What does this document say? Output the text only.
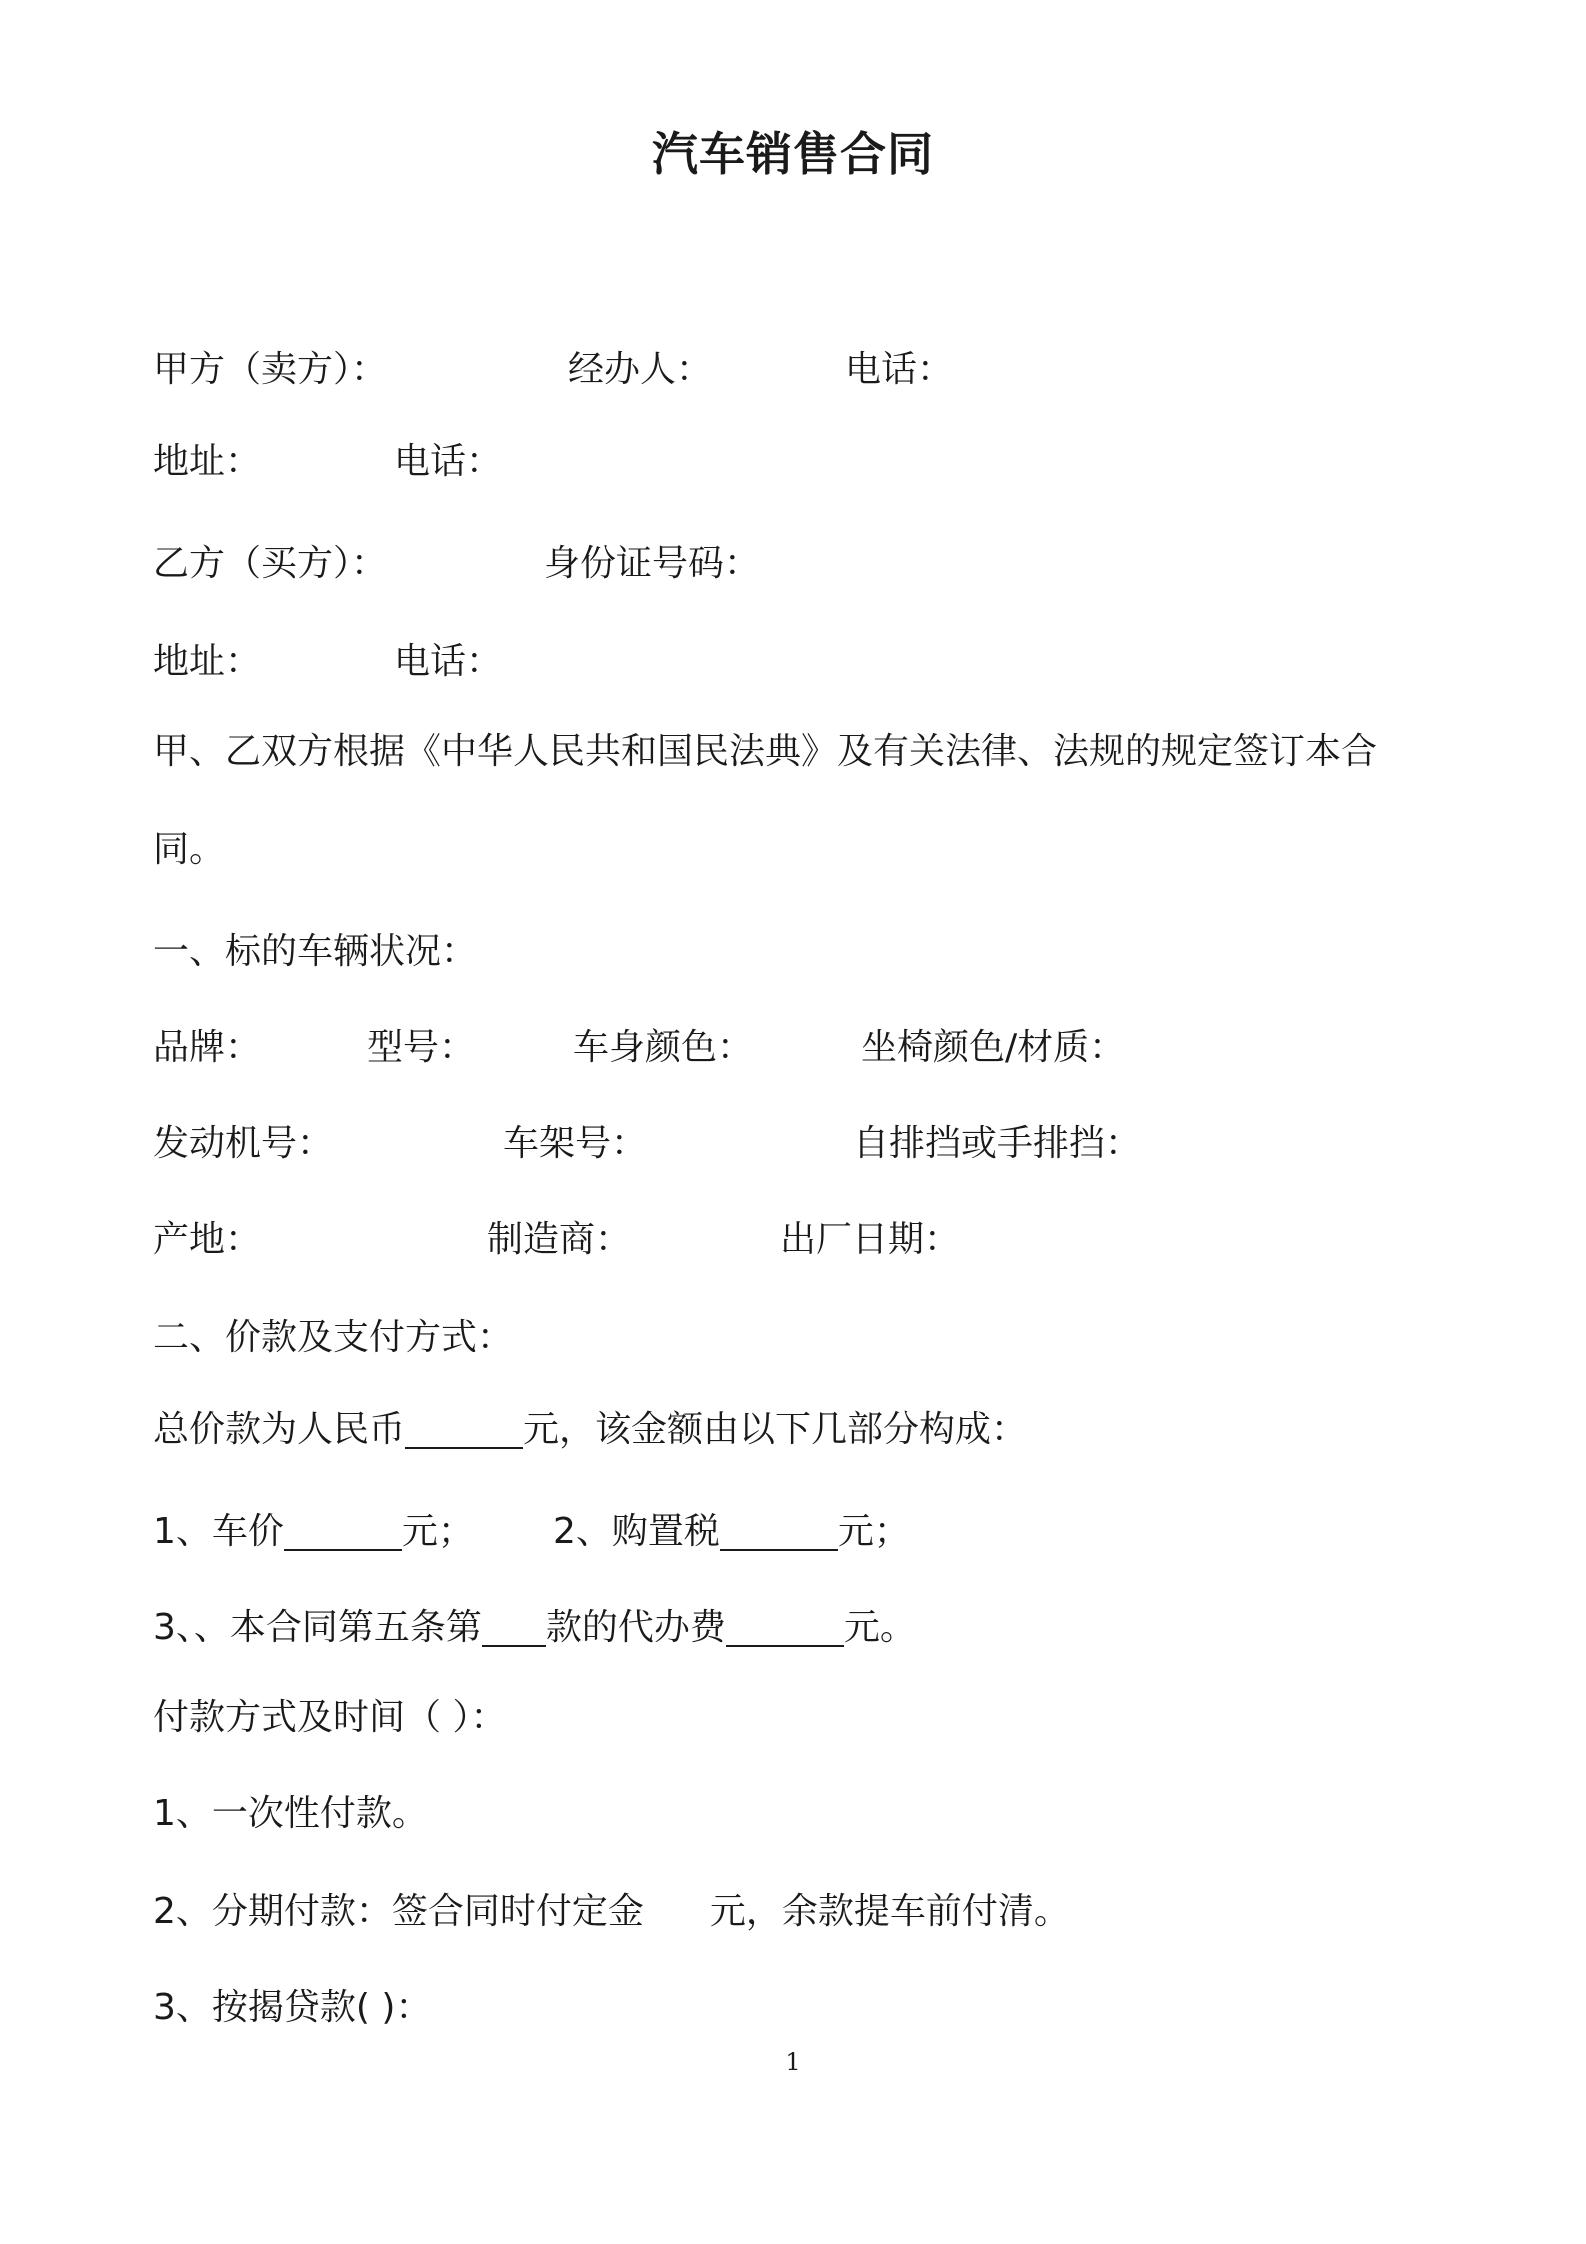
汽车销售合同
甲方（卖方）：	经办人：	电话：
地址：	电话：
乙方（买方）：	身份证号码：
地址：	电话：
甲、乙双方根据《中华人民共和国民法典》及有关法律、法规的规定签订本合
同。
一、标的车辆状况：
品牌：	型号：	车身颜色：	坐椅颜色/材质：
发动机号：	车架号：	自排挡或手排挡：
产地：	制造商：	出厂日期：
二、价款及支付方式：
总价款为人民币	元，该金额由以下几部分构成：
1、车价	元； 2、购置税	元；
3、、本合同第五条第 款的代办费	元。
付款方式及时间（ ）：
1、一次性付款。
2、分期付款：签合同时付定金 元，余款提车前付清。
3、按揭贷款( )：
1
